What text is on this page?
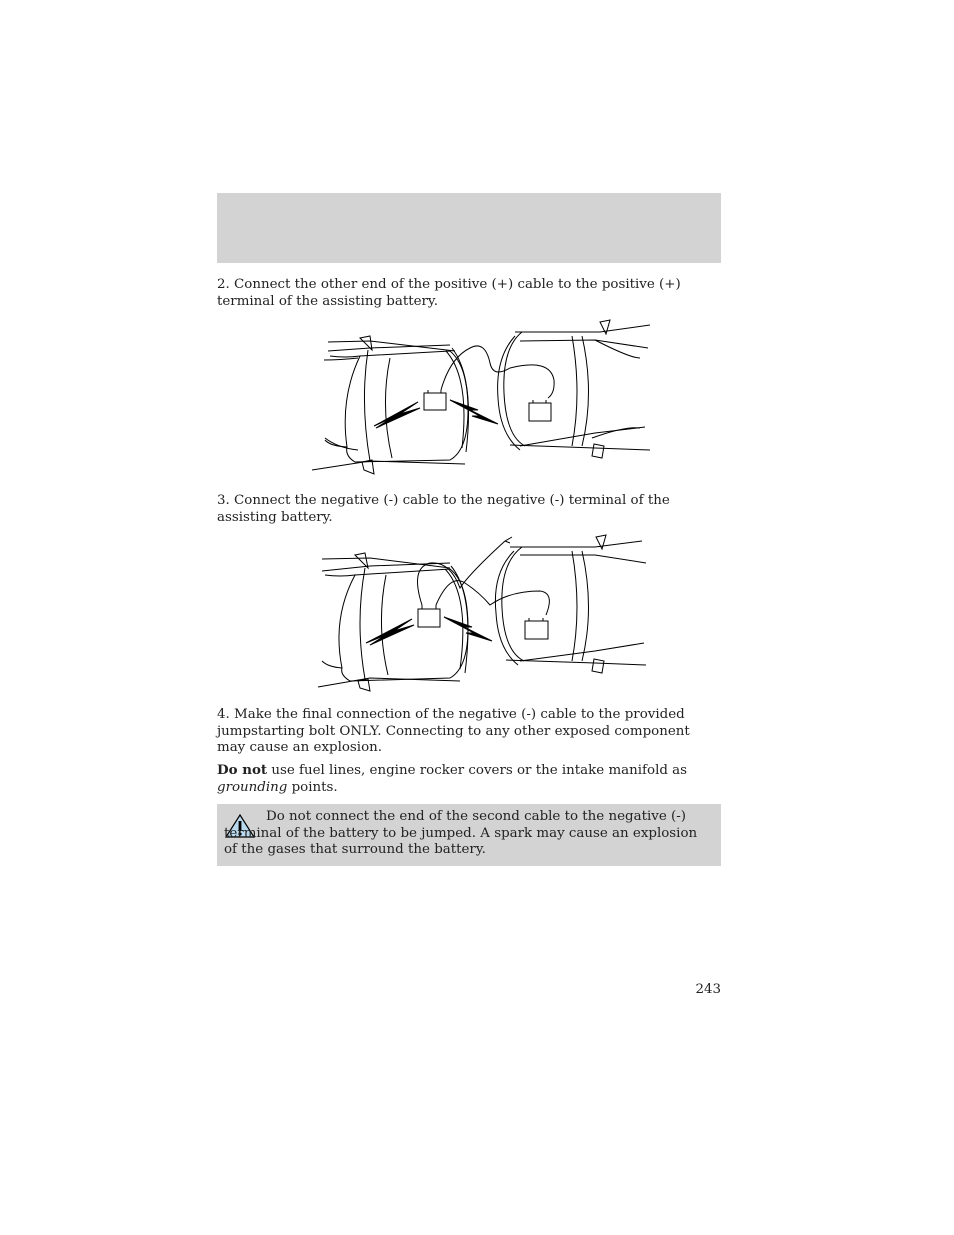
2. Connect the other end of the positive (+) cable to the positive (+) terminal of the assisting battery.

3. Connect the negative (-) cable to the negative (-) terminal of the assisting battery.

4. Make the final connection of the negative (-) cable to the provided jumpstarting bolt ONLY. Connecting to any other exposed component may cause an explosion.

Do not use fuel lines, engine rocker covers or the intake manifold as grounding points.

Do not connect the end of the second cable to the negative (-) terminal of the battery to be jumped. A spark may cause an explosion of the gases that surround the battery.

243
